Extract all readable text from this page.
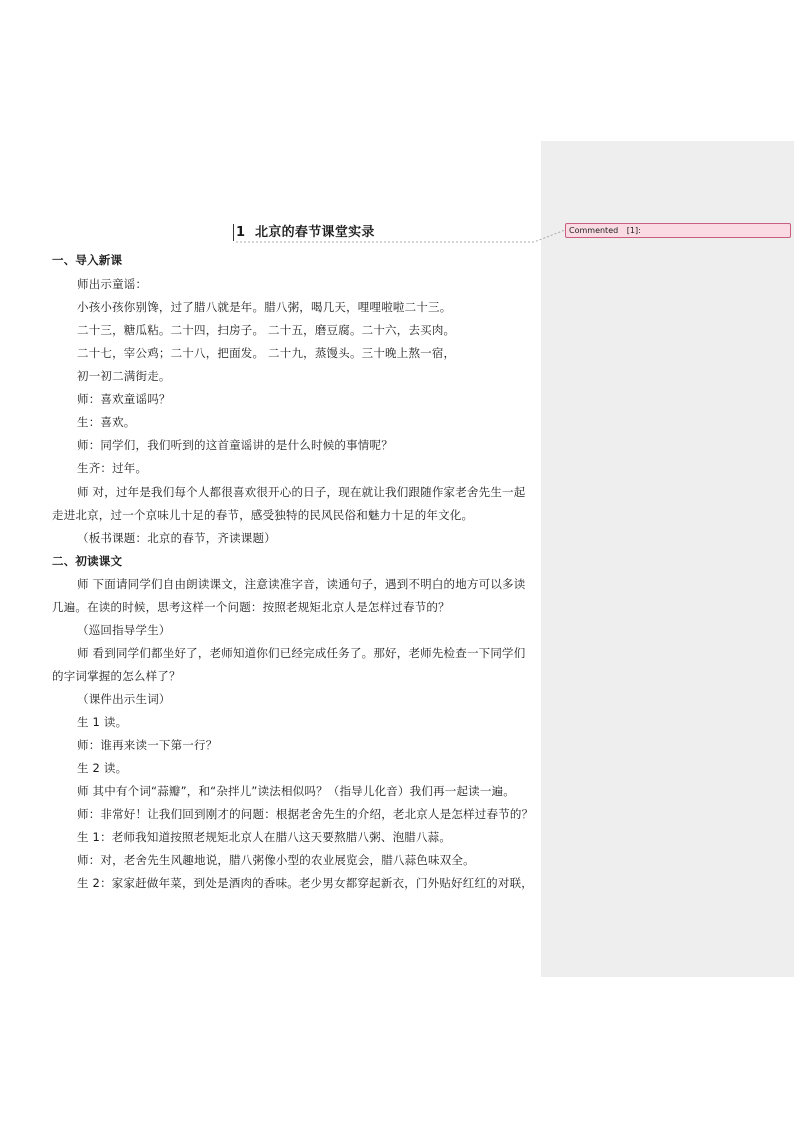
1 北京的春节课堂实录	Commented [1]:
一、导入新课
师出示童谣：
小孩小孩你别馋，过了腊八就是年。腊八粥，喝几天，哩哩啦啦二十三。
二十三，糖瓜粘。二十四，扫房子。 二十五，磨豆腐。二十六，去买肉。
二十七，宰公鸡；二十八，把面发。 二十九，蒸馒头。三十晚上熬一宿，
初一初二满街走。
师：喜欢童谣吗？
生：喜欢。
师：同学们，我们听到的这首童谣讲的是什么时候的事情呢？
生齐：过年。
师 对，过年是我们每个人都很喜欢很开心的日子，现在就让我们跟随作家老舍先生一起
走进北京，过一个京味儿十足的春节，感受独特的民风民俗和魅力十足的年文化。
（板书课题：北京的春节，齐读课题）
二、初读课文
师 下面请同学们自由朗读课文，注意读准字音，读通句子，遇到不明白的地方可以多读
几遍。在读的时候，思考这样一个问题：按照老规矩北京人是怎样过春节的？
（巡回指导学生）
师 看到同学们都坐好了，老师知道你们已经完成任务了。那好，老师先检查一下同学们
的字词掌握的怎么样了？
（课件出示生词）
生 1 读。
师：谁再来读一下第一行？
生 2 读。
师 其中有个词“蒜瓣”，和“杂拌儿”读法相似吗？（指导儿化音）我们再一起读一遍。
师：非常好！让我们回到刚才的问题：根据老舍先生的介绍，老北京人是怎样过春节的？
生 1：老师我知道按照老规矩北京人在腊八这天要熬腊八粥、泡腊八蒜。
师：对，老舍先生风趣地说，腊八粥像小型的农业展览会，腊八蒜色味双全。
生 2：家家赶做年菜，到处是酒肉的香味。老少男女都穿起新衣，门外贴好红红的对联，
